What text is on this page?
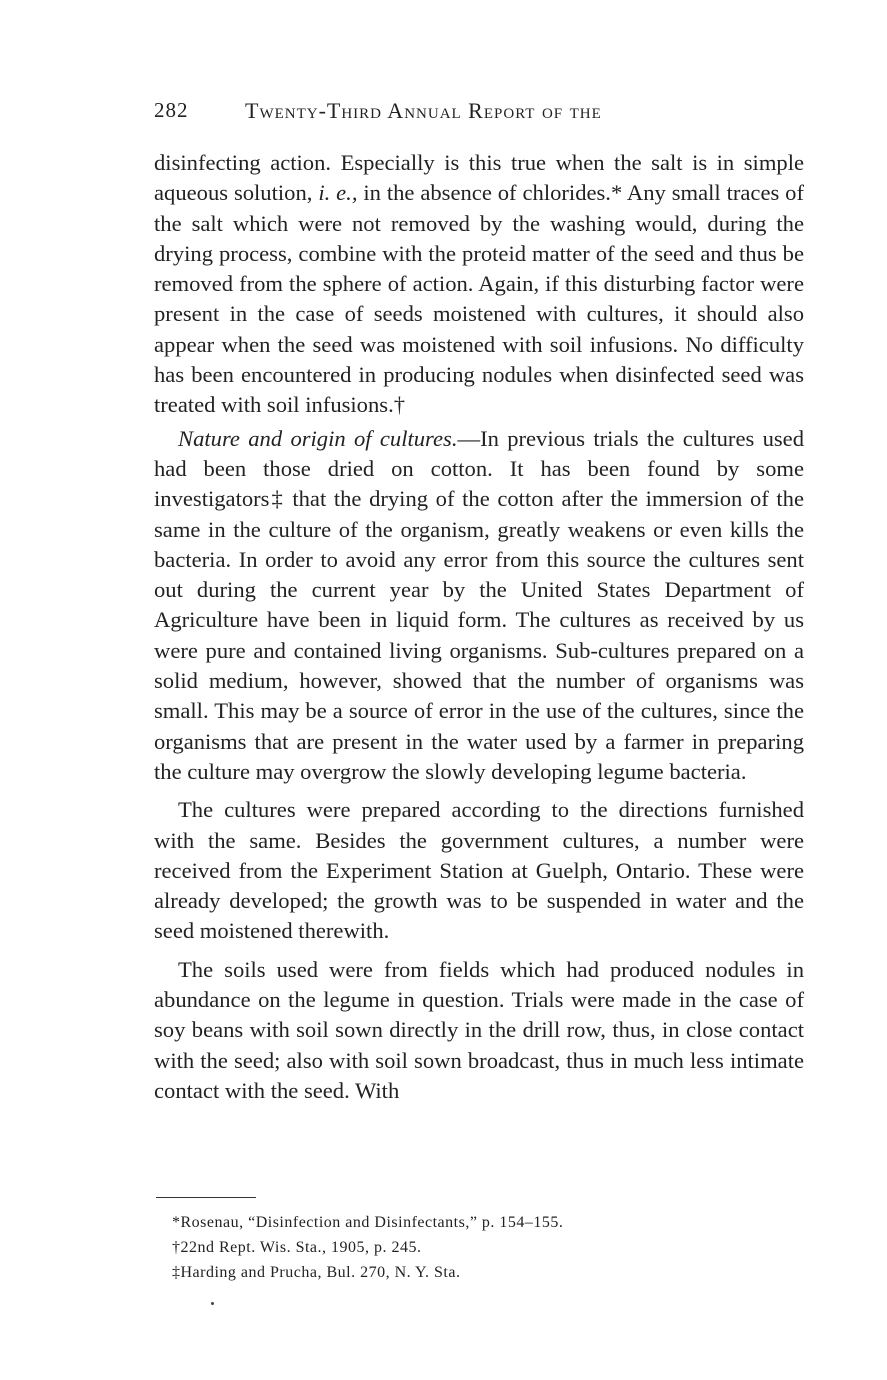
282	Twenty-Third Annual Report of the

disinfecting action. Especially is this true when the salt is in simple aqueous solution, i. e., in the absence of chlorides.* Any small traces of the salt which were not removed by the washing would, during the drying process, combine with the proteid matter of the seed and thus be removed from the sphere of action. Again, if this disturbing factor were present in the case of seeds moistened with cultures, it should also appear when the seed was moistened with soil infusions. No difficulty has been encountered in producing nodules when disinfected seed was treated with soil infusions.†

Nature and origin of cultures.—In previous trials the cultures used had been those dried on cotton. It has been found by some investigators‡ that the drying of the cotton after the immersion of the same in the culture of the organism, greatly weakens or even kills the bacteria. In order to avoid any error from this source the cultures sent out during the current year by the United States Department of Agriculture have been in liquid form. The cultures as received by us were pure and contained living organisms. Sub-cultures prepared on a solid medium, however, showed that the number of organisms was small. This may be a source of error in the use of the cultures, since the organisms that are present in the water used by a farmer in preparing the culture may overgrow the slowly developing legume bacteria.

The cultures were prepared according to the directions furnished with the same. Besides the government cultures, a number were received from the Experiment Station at Guelph, Ontario. These were already developed; the growth was to be suspended in water and the seed moistened therewith.

The soils used were from fields which had produced nodules in abundance on the legume in question. Trials were made in the case of soy beans with soil sown directly in the drill row, thus, in close contact with the seed; also with soil sown broadcast, thus in much less intimate contact with the seed. With

*Rosenau, “Disinfection and Disinfectants,” p. 154–155.
†22nd Rept. Wis. Sta., 1905, p. 245.
‡Harding and Prucha, Bul. 270, N. Y. Sta.
